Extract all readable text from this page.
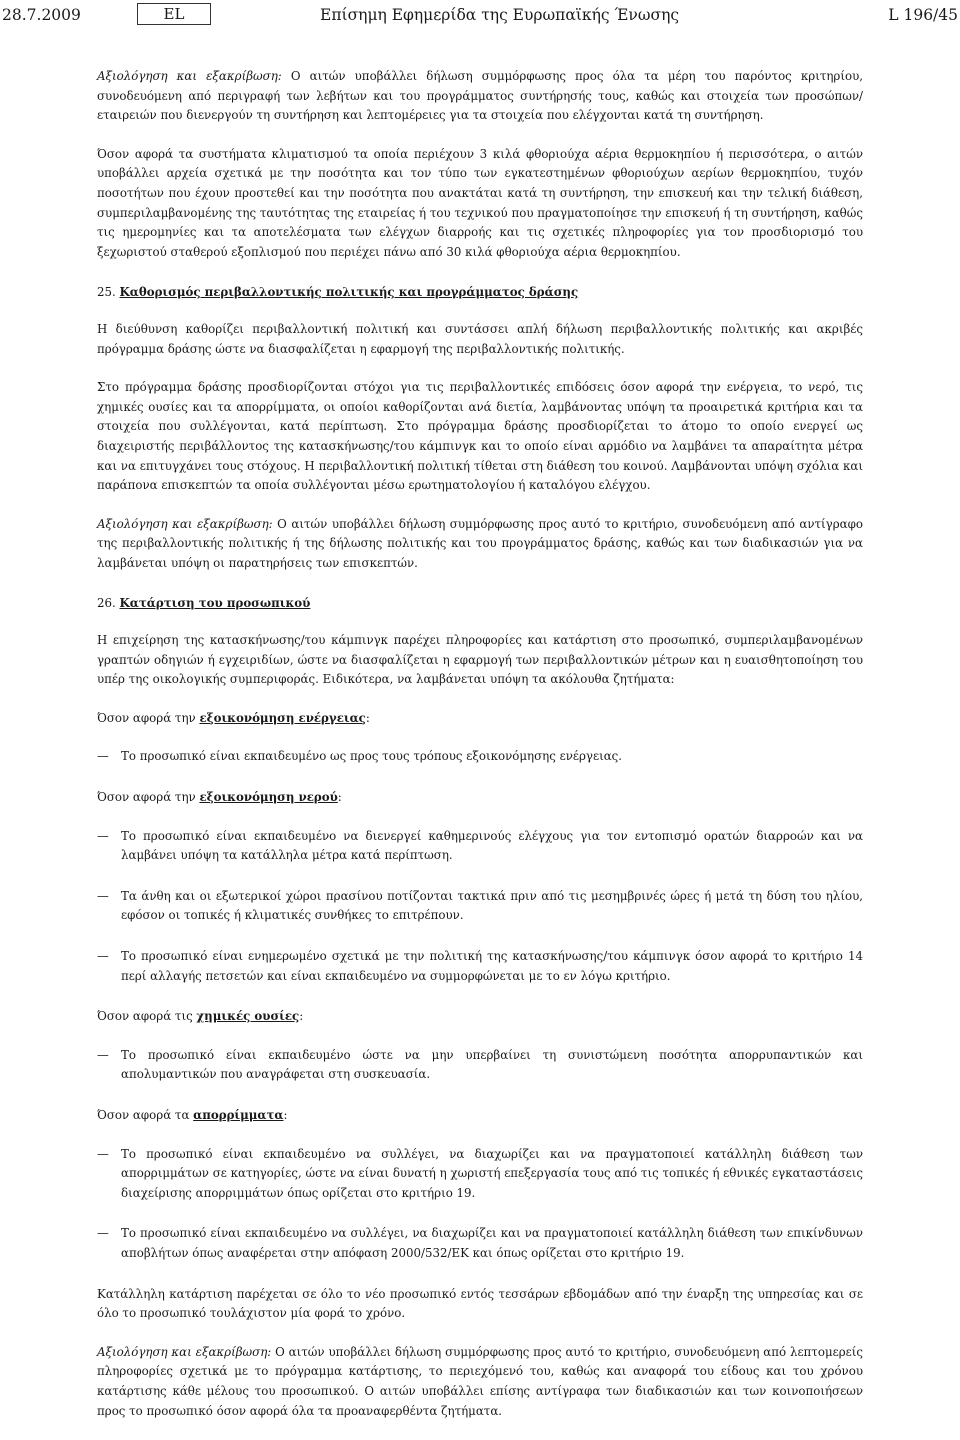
28.7.2009	EL	Επίσημη Εφημερίδα της Ευρωπαϊκής Ένωσης	L 196/45

Αξιολόγηση και εξακρίβωση: Ο αιτών υποβάλλει δήλωση συμμόρφωσης προς όλα τα μέρη του παρόντος κριτηρίου, συνοδευόμενη από περιγραφή των λεβήτων και του προγράμματος συντήρησής τους, καθώς και στοιχεία των προσώπων/εταιρειών που διενεργούν τη συντήρηση και λεπτομέρειες για τα στοιχεία που ελέγχονται κατά τη συντήρηση.

Όσον αφορά τα συστήματα κλιματισμού τα οποία περιέχουν 3 κιλά φθοριούχα αέρια θερμοκηπίου ή περισσότερα, ο αιτών υποβάλλει αρχεία σχετικά με την ποσότητα και τον τύπο των εγκατεστημένων φθοριούχων αερίων θερμοκηπίου, τυχόν ποσοτήτων που έχουν προστεθεί και την ποσότητα που ανακτάται κατά τη συντήρηση, την επισκευή και την τελική διάθεση, συμπεριλαμβανομένης της ταυτότητας της εταιρείας ή του τεχνικού που πραγματοποίησε την επισκευή ή τη συντήρηση, καθώς τις ημερομηνίες και τα αποτελέσματα των ελέγχων διαρροής και τις σχετικές πληροφορίες για τον προσδιορισμό του ξεχωριστού σταθερού εξοπλισμού που περιέχει πάνω από 30 κιλά φθοριούχα αέρια θερμοκηπίου.

25. Καθορισμός περιβαλλοντικής πολιτικής και προγράμματος δράσης

Η διεύθυνση καθορίζει περιβαλλοντική πολιτική και συντάσσει απλή δήλωση περιβαλλοντικής πολιτικής και ακριβές πρόγραμμα δράσης ώστε να διασφαλίζεται η εφαρμογή της περιβαλλοντικής πολιτικής.

Στο πρόγραμμα δράσης προσδιορίζονται στόχοι για τις περιβαλλοντικές επιδόσεις όσον αφορά την ενέργεια, το νερό, τις χημικές ουσίες και τα απορρίμματα, οι οποίοι καθορίζονται ανά διετία, λαμβάνοντας υπόψη τα προαιρετικά κριτήρια και τα στοιχεία που συλλέγονται, κατά περίπτωση. Στο πρόγραμμα δράσης προσδιορίζεται το άτομο το οποίο ενεργεί ως διαχειριστής περιβάλλοντος της κατασκήνωσης/του κάμπινγκ και το οποίο είναι αρμόδιο να λαμβάνει τα απαραίτητα μέτρα και να επιτυγχάνει τους στόχους. Η περιβαλλοντική πολιτική τίθεται στη διάθεση του κοινού. Λαμβάνονται υπόψη σχόλια και παράπονα επισκεπτών τα οποία συλλέγονται μέσω ερωτηματολογίου ή καταλόγου ελέγχου.

Αξιολόγηση και εξακρίβωση: Ο αιτών υποβάλλει δήλωση συμμόρφωσης προς αυτό το κριτήριο, συνοδευόμενη από αντίγραφο της περιβαλλοντικής πολιτικής ή της δήλωσης πολιτικής και του προγράμματος δράσης, καθώς και των διαδικασιών για να λαμβάνεται υπόψη οι παρατηρήσεις των επισκεπτών.

26. Κατάρτιση του προσωπικού

Η επιχείρηση της κατασκήνωσης/του κάμπινγκ παρέχει πληροφορίες και κατάρτιση στο προσωπικό, συμπεριλαμβανομένων γραπτών οδηγιών ή εγχειριδίων, ώστε να διασφαλίζεται η εφαρμογή των περιβαλλοντικών μέτρων και η ευαισθητοποίηση του υπέρ της οικολογικής συμπεριφοράς. Ειδικότερα, να λαμβάνεται υπόψη τα ακόλουθα ζητήματα:

Όσον αφορά την εξοικονόμηση ενέργειας:

— Το προσωπικό είναι εκπαιδευμένο ως προς τους τρόπους εξοικονόμησης ενέργειας.

Όσον αφορά την εξοικονόμηση νερού:

— Το προσωπικό είναι εκπαιδευμένο να διενεργεί καθημερινούς ελέγχους για τον εντοπισμό ορατών διαρροών και να λαμβάνει υπόψη τα κατάλληλα μέτρα κατά περίπτωση.
— Τα άνθη και οι εξωτερικοί χώροι πρασίνου ποτίζονται τακτικά πριν από τις μεσημβρινές ώρες ή μετά τη δύση του ηλίου, εφόσον οι τοπικές ή κλιματικές συνθήκες το επιτρέπουν.
— Το προσωπικό είναι ενημερωμένο σχετικά με την πολιτική της κατασκήνωσης/του κάμπινγκ όσον αφορά το κριτήριο 14 περί αλλαγής πετσετών και είναι εκπαιδευμένο να συμμορφώνεται με το εν λόγω κριτήριο.

Όσον αφορά τις χημικές ουσίες:

— Το προσωπικό είναι εκπαιδευμένο ώστε να μην υπερβαίνει τη συνιστώμενη ποσότητα απορρυπαντικών και απολυμαντικών που αναγράφεται στη συσκευασία.

Όσον αφορά τα απορρίμματα:

— Το προσωπικό είναι εκπαιδευμένο να συλλέγει, να διαχωρίζει και να πραγματοποιεί κατάλληλη διάθεση των απορριμμάτων σε κατηγορίες, ώστε να είναι δυνατή η χωριστή επεξεργασία τους από τις τοπικές ή εθνικές εγκαταστάσεις διαχείρισης απορριμμάτων όπως ορίζεται στο κριτήριο 19.
— Το προσωπικό είναι εκπαιδευμένο να συλλέγει, να διαχωρίζει και να πραγματοποιεί κατάλληλη διάθεση των επικίνδυνων αποβλήτων όπως αναφέρεται στην απόφαση 2000/532/ΕΚ και όπως ορίζεται στο κριτήριο 19.

Κατάλληλη κατάρτιση παρέχεται σε όλο το νέο προσωπικό εντός τεσσάρων εβδομάδων από την έναρξη της υπηρεσίας και σε όλο το προσωπικό τουλάχιστον μία φορά το χρόνο.

Αξιολόγηση και εξακρίβωση: Ο αιτών υποβάλλει δήλωση συμμόρφωσης προς αυτό το κριτήριο, συνοδευόμενη από λεπτομερείς πληροφορίες σχετικά με το πρόγραμμα κατάρτισης, το περιεχόμενό του, καθώς και αναφορά του είδους και του χρόνου κατάρτισης κάθε μέλους του προσωπικού. Ο αιτών υποβάλλει επίσης αντίγραφα των διαδικασιών και των κοινοποιήσεων προς το προσωπικό όσον αφορά όλα τα προαναφερθέντα ζητήματα.
